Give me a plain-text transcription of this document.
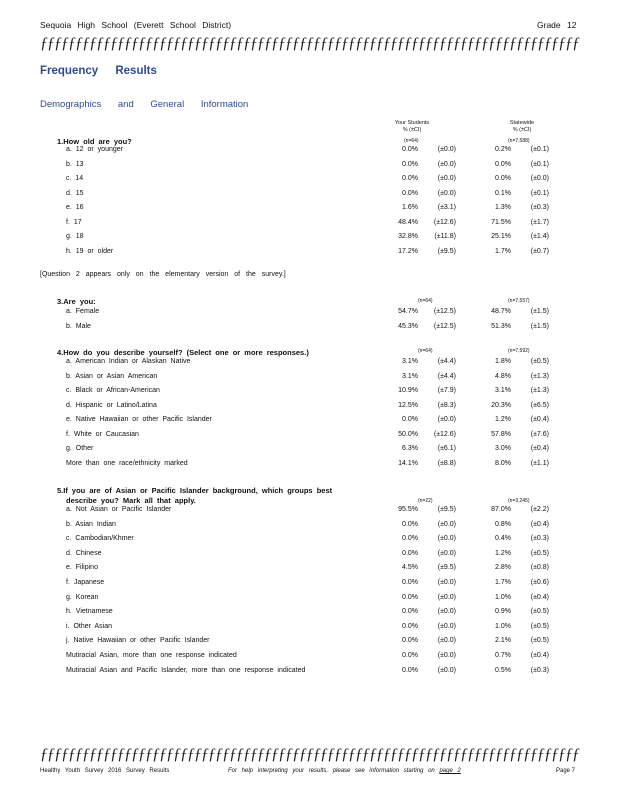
Sequoia High School (Everett School District)	Grade 12
ƒƒƒƒƒƒƒƒƒƒƒƒƒƒƒƒƒƒƒƒƒƒƒƒƒƒƒƒƒƒƒƒƒƒƒƒƒƒƒƒƒƒƒƒƒƒƒƒƒƒƒƒƒƒƒƒƒƒƒƒƒƒƒƒƒƒƒƒƒƒƒƒƒƒƒƒƒ
Frequency Results
Demographics and General Information
Your Students
% (±CI)
Statewide
% (±CI)
(n=64)	(n=7,588)
1.How old are you?
a. 12 or younger	0.0%	(±0.0)	0.2%	(±0.1)
b. 13	0.0%	(±0.0)	0.0%	(±0.1)
c. 14	0.0%	(±0.0)	0.0%	(±0.0)
d. 15	0.0%	(±0.0)	0.1%	(±0.1)
e. 16	1.6%	(±3.1)	1.3%	(±0.3)
f. 17	48.4% (±12.6)	71.5%	(±1.7)
g. 18	32.8%	(±11.8)	25.1%	(±1.4)
h. 19 or older	17.2%	(±9.5)	1.7%	(±0.7)
[Question 2 appears only on the elementary version of the survey.]
(n=64)	(n=7,557)
3.Are you:
a. Female	54.7% (±12.5)	48.7%	(±1.5)
b. Male	45.3% (±12.5)	51.3%	(±1.5)
(n=64)	(n=7,592)
4.How do you describe yourself? (Select one or more responses.)
a. American Indian or Alaskan Native	3.1%	(±4.4)	1.8%	(±0.5)
b. Asian or Asian American	3.1%	(±4.4)	4.8%	(±1.3)
c. Black or African-American	10.9%	(±7.9)	3.1%	(±1.3)
d. Hispanic or Latino/Latina	12.5%	(±8.3)	20.3%	(±6.5)
e. Native Hawaiian or other Pacific Islander	0.0%	(±0.0)	1.2%	(±0.4)
f. White or Caucasian	50.0% (±12.6)	57.8%	(±7.6)
g. Other	6.3%	(±6.1)	3.0%	(±0.4)
More than one race/ethnicity marked	14.1%	(±8.8)	8.0%	(±1.1)
(n=22)	(n=3,245)
5.If you are of Asian or Pacific Islander background, which groups best
describe you? Mark all that apply.
a. Not Asian or Pacific Islander	95.5%	(±9.5)	87.0%	(±2.2)
b. Asian Indian	0.0%	(±0.0)	0.8%	(±0.4)
c. Cambodian/Khmer	0.0%	(±0.0)	0.4%	(±0.3)
d. Chinese	0.0%	(±0.0)	1.2%	(±0.5)
e. Filipino	4.5%	(±9.5)	2.8%	(±0.8)
f. Japanese	0.0%	(±0.0)	1.7%	(±0.6)
g. Korean	0.0%	(±0.0)	1.0%	(±0.4)
h. Vietnamese	0.0%	(±0.0)	0.9%	(±0.5)
i. Other Asian	0.0%	(±0.0)	1.0%	(±0.5)
j. Native Hawaiian or other Pacific Islander	0.0%	(±0.0)	2.1%	(±0.5)
Mutiracial Asian, more than one response indicated	0.0%	(±0.0)	0.7%	(±0.4)
Mutiracial Asian and Pacific Islander, more than one response indicated	0.0%	(±0.0)	0.5%	(±0.3)
ƒƒƒƒƒƒƒƒƒƒƒƒƒƒƒƒƒƒƒƒƒƒƒƒƒƒƒƒƒƒƒƒƒƒƒƒƒƒƒƒƒƒƒƒƒƒƒƒƒƒƒƒƒƒƒƒƒƒƒƒƒƒƒƒƒƒƒƒƒƒƒƒƒƒƒƒƒ
Healthy Youth Survey 2016 Survey Results	For help interpreting your results, please see information starting on page 2	Page 7
